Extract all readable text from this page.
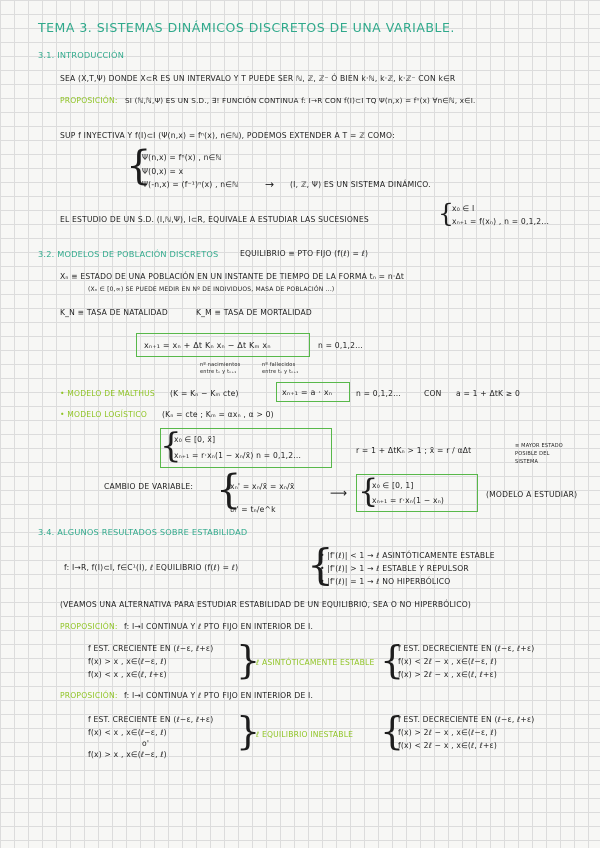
TEMA 3. SISTEMAS DINÁMICOS DISCRETOS DE UNA VARIABLE.
3.1. INTRODUCCIÓN
SEA (X,T,Ψ) DONDE X⊂R ES UN INTERVALO Y T PUEDE SER ℕ, ℤ, ℤ⁻ Ó BIEN k·ℕ, k·ℤ, k·ℤ⁻ CON k∈R
PROPOSICIÓN: SI (ℕ,ℕ,Ψ) ES UN S.D., ∃! FUNCIÓN CONTINUA f: I→R CON f(I)⊂I TQ Ψ(n,x) = fⁿ(x) ∀n∈ℕ, x∈I.
SUP f INYECTIVA Y f(I)⊂I (Ψ(n,x) = fⁿ(x), n∈ℕ), PODEMOS EXTENDER A T = ℤ COMO:
{
Ψ(n,x) = fⁿ(x) , n∈ℕ
Ψ(0,x) = x
Ψ(-n,x) = (f⁻¹)ⁿ(x) , n∈ℕ → (I, ℤ, Ψ) ES UN SISTEMA DINÁMICO.
EL ESTUDIO DE UN S.D. (I,ℕ,Ψ), I⊂R, EQUIVALE A ESTUDIAR LAS SUCESIONES	{
x₀ ∈ I
xₙ₊₁ = f(xₙ) , n = 0,1,2...
3.2. MODELOS DE POBLACIÓN DISCRETOS	EQUILIBRIO ≡ PTO FIJO (f(ℓ) = ℓ)
Xₙ ≡ ESTADO DE UNA POBLACIÓN EN UN INSTANTE DE TIEMPO DE LA FORMA tₙ = n·Δt
(Xₙ ∈ [0,∞) SE PUEDE MEDIR EN Nº DE INDIVIDUOS, MASA DE POBLACIÓN ...)
K_N ≡ TASA DE NATALIDAD	K_M ≡ TASA DE MORTALIDAD
xₙ₊₁ = xₙ + Δt Kₙ xₙ − Δt Kₘ xₙ	n = 0,1,2...
nº nacimientos
entre tₙ y tₙ₊₁
nº fallecidos
entre tₙ y tₙ₊₁
• MODELO DE MALTHUS (K = Kₙ − Kₘ cte)	xₙ₊₁ = a · xₙ	n = 0,1,2...	CON a = 1 + ΔtK ≥ 0
• MODELO LOGÍSTICO (Kₙ = cte ; Kₘ = αxₙ , α > 0)
{
x₀ ∈ [0, x̃]
xₙ₊₁ = r·xₙ(1 − xₙ/x̃) n = 0,1,2...
r = 1 + ΔtKₙ > 1 ; x̃ = r / αΔt	≡ MAYOR ESTADO
POSIBLE DEL
SISTEMA
CAMBIO DE VARIABLE: {
xₙ' = xₙ/x̃ = xₙ/x̃
tₙ' = tₙ/e^k
⟶ {
x₀ ∈ [0, 1]
xₙ₊₁ = r·xₙ(1 − xₙ)
(MODELO A ESTUDIAR)
3.4. ALGUNOS RESULTADOS SOBRE ESTABILIDAD
f: I→R, f(I)⊂I, f∈C¹(I), ℓ EQUILIBRIO (f(ℓ) = ℓ) {
• |f'(ℓ)| < 1 → ℓ ASINTÓTICAMENTE ESTABLE
• |f'(ℓ)| > 1 → ℓ ESTABLE Y REPULSOR
• |f'(ℓ)| = 1 → ℓ NO HIPERBÓLICO
(VEAMOS UNA ALTERNATIVA PARA ESTUDIAR ESTABILIDAD DE UN EQUILIBRIO, SEA O NO HIPERBÓLICO)
PROPOSICIÓN: f: I→I CONTINUA Y ℓ PTO FIJO EN INTERIOR DE I.
f EST. CRECIENTE EN (ℓ−ε, ℓ+ε)
f(x) > x , x∈(ℓ−ε, ℓ)
f(x) < x , x∈(ℓ, ℓ+ε) }
ℓ ASINTÓTICAMENTE ESTABLE {
f EST. DECRECIENTE EN (ℓ−ε, ℓ+ε)
f(x) < 2ℓ − x , x∈(ℓ−ε, ℓ)
f(x) > 2ℓ − x , x∈(ℓ, ℓ+ε)
PROPOSICIÓN: f: I→I CONTINUA Y ℓ PTO FIJO EN INTERIOR DE I.
f EST. CRECIENTE EN (ℓ−ε, ℓ+ε)
f(x) < x , x∈(ℓ−ε, ℓ)
o'
f(x) > x , x∈(ℓ−ε, ℓ)
}
ℓ EQUILIBRIO INESTABLE {
f EST. DECRECIENTE EN (ℓ−ε, ℓ+ε)
f(x) > 2ℓ − x , x∈(ℓ−ε, ℓ)
f(x) < 2ℓ − x , x∈(ℓ, ℓ+ε)
